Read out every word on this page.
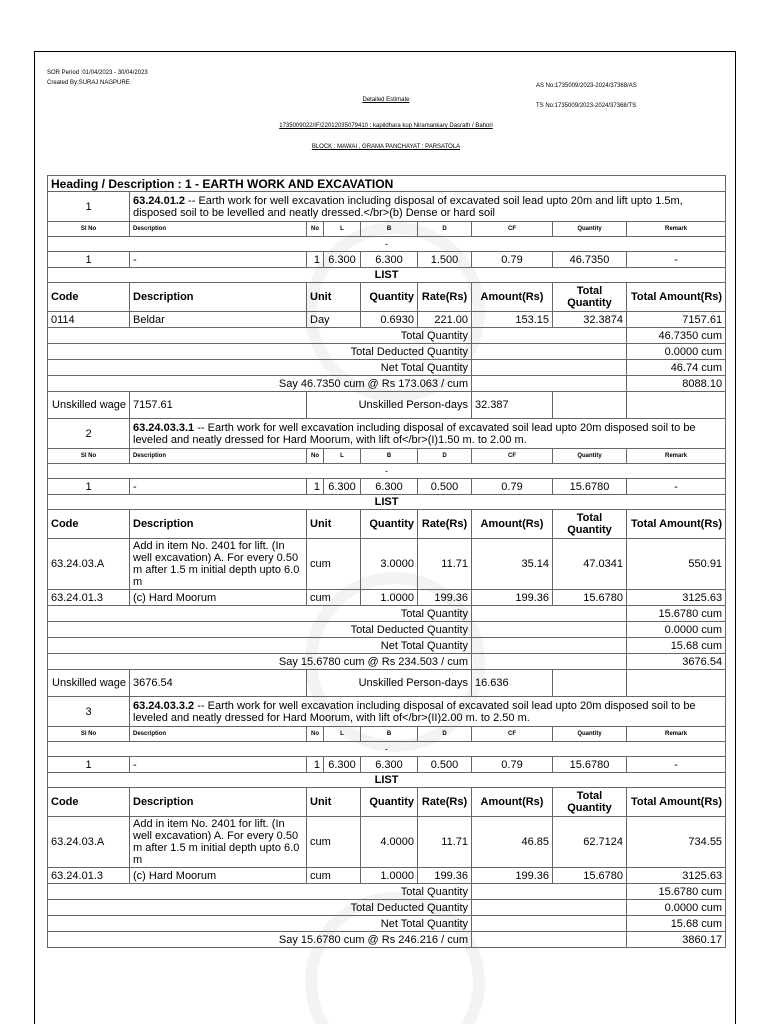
SOR Period :01/04/2023 - 30/04/2023
Created By:SURAJ NAGPURE	AS No:1735009/2023-2024/37368/AS
TS No:1735009/2023-2024/37368/TS
Detailed Estimate
1735009022/IF/22012035079410 : kapildhara kup Niramankary Dasrath / Bahori
BLOCK : MAWAI , GRAMA PANCHAYAT : PARSATOLA
Heading / Description : 1 - EARTH WORK AND EXCAVATION								
1	63.24.01.2 -- Earth work for well excavation including disposal of excavated soil lead upto 20m and lift upto 1.5m, disposed soil to be levelled and neatly dressed.</br>(b) Dense or hard soil							
Sl No	Description	No	L	B	D	CF	Quantity	Remark
-								
1	-	1	6.300	6.300	1.500	0.79	46.7350	-
LIST								
Code	Description	Unit		Quantity	Rate(Rs)	Amount(Rs)	Total Quantity	Total Amount(Rs)
0114	Beldar	Day		0.6930	221.00	153.15	32.3874	7157.61
Total Quantity								46.7350 cum
Total Deducted Quantity								0.0000 cum
Net Total Quantity								46.74 cum
Say 46.7350 cum @ Rs 173.063 / cum								8088.10
Unskilled wage	7157.61	Unskilled Person-days				32.387		
2	63.24.03.3.1 -- Earth work for well excavation including disposal of excavated soil lead upto 20m disposed soil to be leveled and neatly dressed for Hard Moorum, with lift of</br>(I)1.50 m. to 2.00 m.							
Sl No	Description	No	L	B	D	CF	Quantity	Remark
-								
1	-	1	6.300	6.300	0.500	0.79	15.6780	-
LIST								
Code	Description	Unit		Quantity	Rate(Rs)	Amount(Rs)	Total Quantity	Total Amount(Rs)
63.24.03.A	Add in item No. 2401 for lift. (In well excavation) A. For every 0.50 m after 1.5 m initial depth upto 6.0 m	cum		3.0000	11.71	35.14	47.0341	550.91
63.24.01.3	(c) Hard Moorum	cum		1.0000	199.36	199.36	15.6780	3125.63
Total Quantity								15.6780 cum
Total Deducted Quantity								0.0000 cum
Net Total Quantity								15.68 cum
Say 15.6780 cum @ Rs 234.503 / cum								3676.54
Unskilled wage	3676.54	Unskilled Person-days				16.636		
3	63.24.03.3.2 -- Earth work for well excavation including disposal of excavated soil lead upto 20m disposed soil to be leveled and neatly dressed for Hard Moorum, with lift of</br>(II)2.00 m. to 2.50 m.							
Sl No	Description	No	L	B	D	CF	Quantity	Remark
-								
1	-	1	6.300	6.300	0.500	0.79	15.6780	-
LIST								
Code	Description	Unit		Quantity	Rate(Rs)	Amount(Rs)	Total Quantity	Total Amount(Rs)
63.24.03.A	Add in item No. 2401 for lift. (In well excavation) A. For every 0.50 m after 1.5 m initial depth upto 6.0 m	cum		4.0000	11.71	46.85	62.7124	734.55
63.24.01.3	(c) Hard Moorum	cum		1.0000	199.36	199.36	15.6780	3125.63
Total Quantity								15.6780 cum
Total Deducted Quantity								0.0000 cum
Net Total Quantity								15.68 cum
Say 15.6780 cum @ Rs 246.216 / cum								3860.17
